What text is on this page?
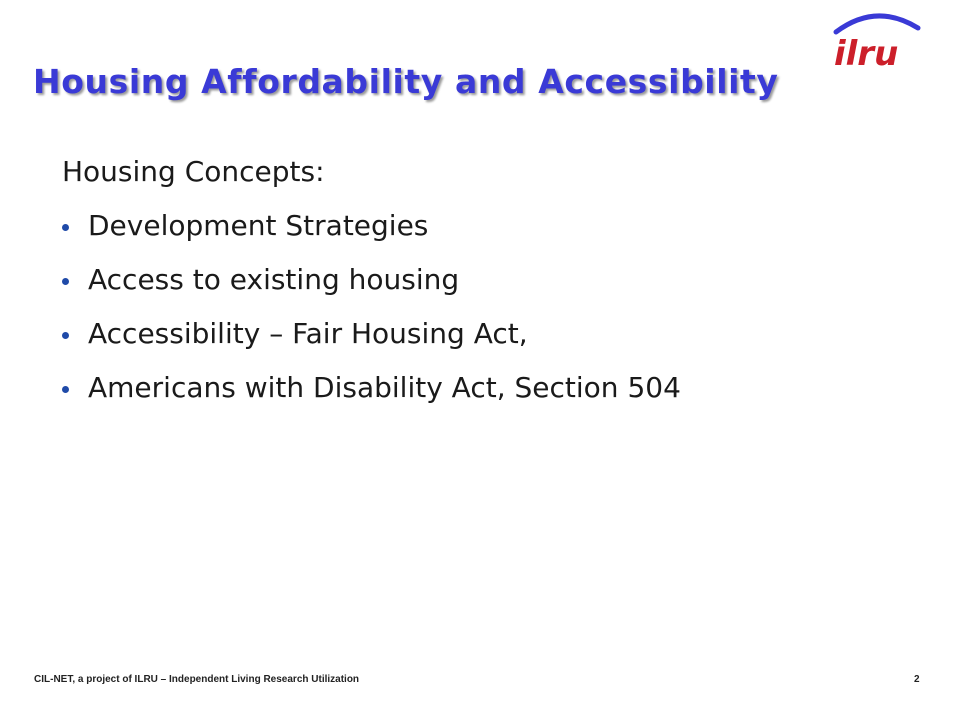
ilru
Housing Affordability and Accessibility
Housing Concepts:
Development Strategies
Access to existing housing
Accessibility – Fair Housing Act,
Americans with Disability Act, Section 504
CIL-NET, a project of ILRU – Independent Living Research Utilization	2
